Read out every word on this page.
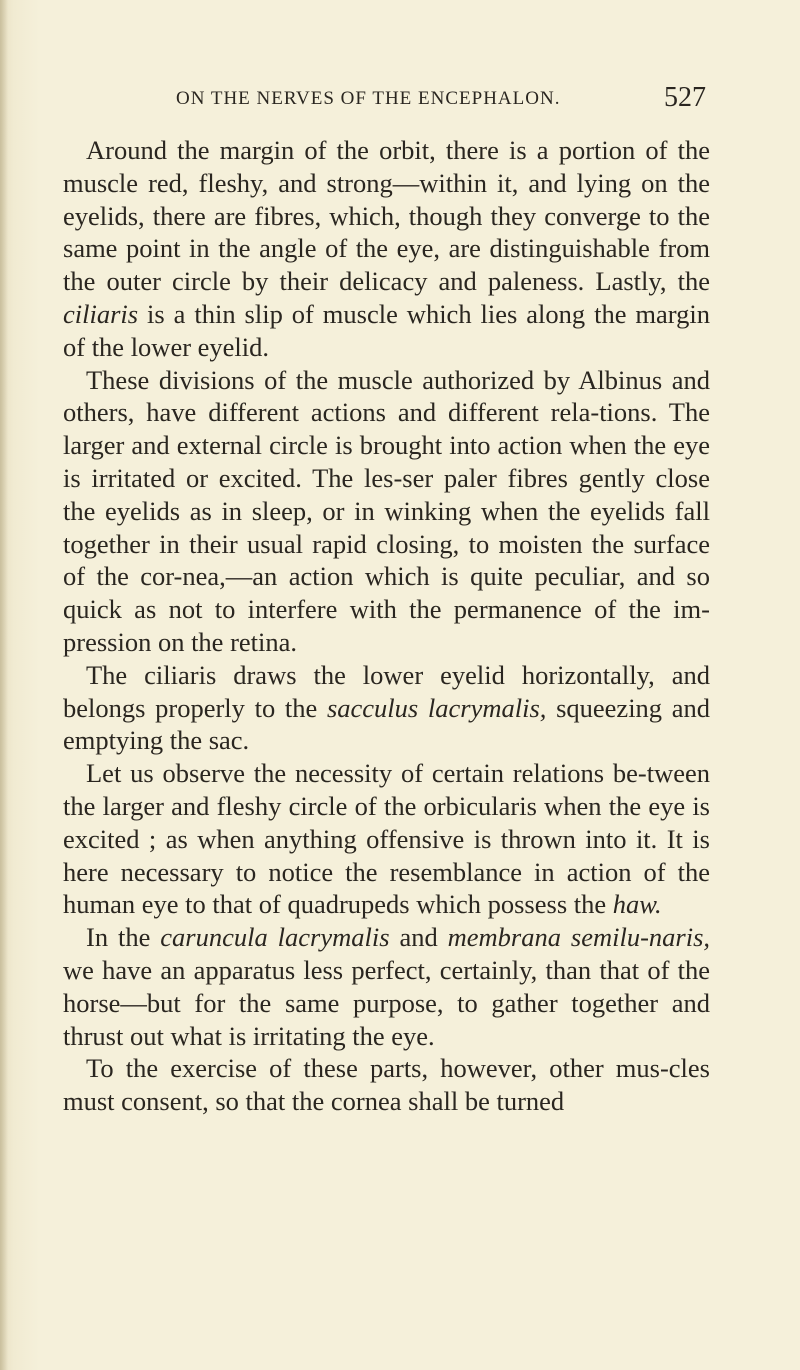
ON THE NERVES OF THE ENCEPHALON.	527

Around the margin of the orbit, there is a portion of the muscle red, fleshy, and strong—within it, and lying on the eyelids, there are fibres, which, though they converge to the same point in the angle of the eye, are distinguishable from the outer circle by their delicacy and paleness. Lastly, the ciliaris is a thin slip of muscle which lies along the margin of the lower eyelid.

These divisions of the muscle authorized by Albinus and others, have different actions and different rela-tions. The larger and external circle is brought into action when the eye is irritated or excited. The les-ser paler fibres gently close the eyelids as in sleep, or in winking when the eyelids fall together in their usual rapid closing, to moisten the surface of the cor-nea,—an action which is quite peculiar, and so quick as not to interfere with the permanence of the im-pression on the retina.

The ciliaris draws the lower eyelid horizontally, and belongs properly to the sacculus lacrymalis, squeezing and emptying the sac.

Let us observe the necessity of certain relations be-tween the larger and fleshy circle of the orbicularis when the eye is excited ; as when anything offensive is thrown into it. It is here necessary to notice the resemblance in action of the human eye to that of quadrupeds which possess the haw.

In the caruncula lacrymalis and membrana semilu-naris, we have an apparatus less perfect, certainly, than that of the horse—but for the same purpose, to gather together and thrust out what is irritating the eye.

To the exercise of these parts, however, other mus-cles must consent, so that the cornea shall be turned
